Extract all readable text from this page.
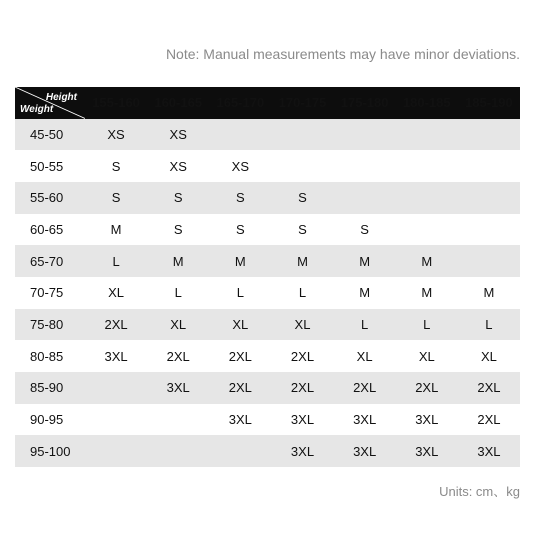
Note: Manual measurements may have minor deviations.
Height
Weight	155-160	160-165	165-170	170-175	175-180	180-185	185-190
45-50	XS	XS					
50-55	S	XS	XS				
55-60	S	S	S	S			
60-65	M	S	S	S	S		
65-70	L	M	M	M	M	M	
70-75	XL	L	L	L	M	M	M
75-80	2XL	XL	XL	XL	L	L	L
80-85	3XL	2XL	2XL	2XL	XL	XL	XL
85-90		3XL	2XL	2XL	2XL	2XL	2XL
90-95			3XL	3XL	3XL	3XL	2XL
95-100				3XL	3XL	3XL	3XL
Units: cm、kg
